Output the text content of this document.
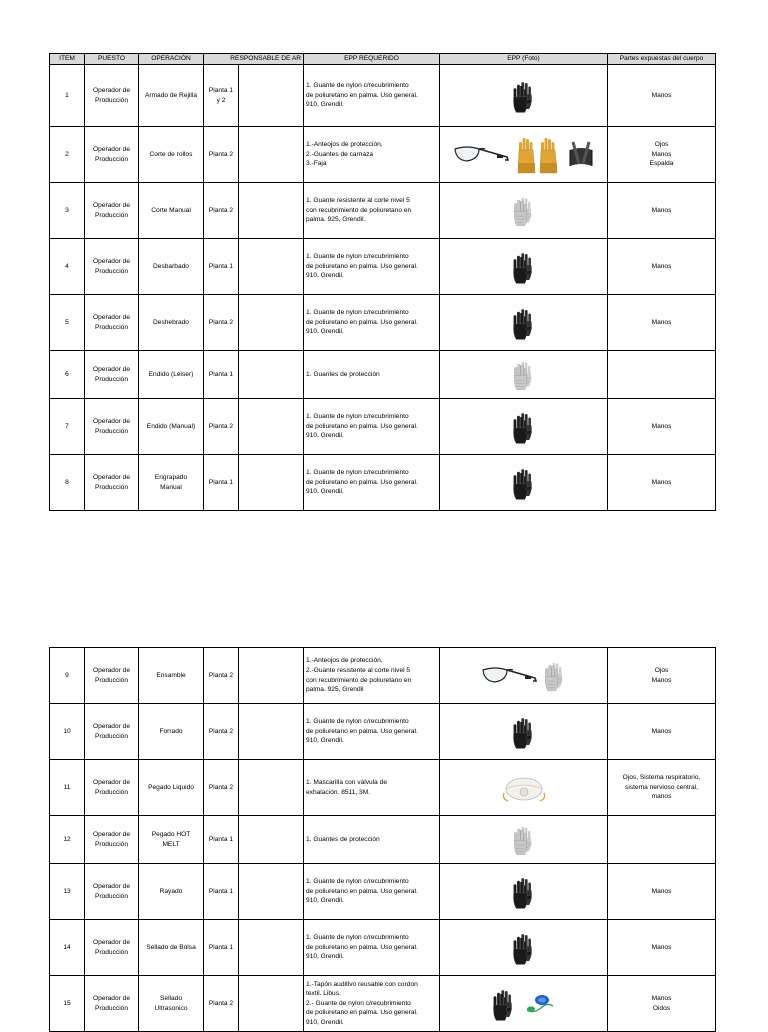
ITEM	PUESTO	OPERACIÓN	RESPONSABLE DE AR		EPP REQUERIDO	EPP (Foto)	Partes expuestas del cuerpo
1	Operador de
Producción	Armado de Rejilla	Planta 1
y 2		1. Guante de nylon c/recubrimiento
de poliuretano en palma. Uso general.
910, Grendil.		Manos
2	Operador de
Producción	Corte de rollos	Planta 2		1.-Anteojos de protección,
2.-Guantes de carnaza
3.-Faja		Ojos
Manos
Espalda
3	Operador de
Producción	Corte Manual	Planta 2		1. Guante resistente al corte nivel 5
con recubrimiento de poliuretano en
palma. 925, Grendil.		Manos
4	Operador de
Producción	Desbarbado	Planta 1		1. Guante de nylon c/recubrimiento
de poliuretano en palma. Uso general.
910, Grendil.		Manos
5	Operador de
Producción	Deshebrado	Planta 2		1. Guante de nylon c/recubrimiento
de poliuretano en palma. Uso general.
910, Grendil.		Manos
6	Operador de
Producción	Endido (Leiser)	Planta 1		1. Guantes de protección		
7	Operador de
Producción	Endido (Manual)	Planta 2		1. Guante de nylon c/recubrimiento
de poliuretano en palma. Uso general.
910, Grendil.		Manos
8	Operador de
Producción	Engrapado
Manual	Planta 1		1. Guante de nylon c/recubrimiento
de poliuretano en palma. Uso general.
910, Grendil.		Manos
9	Operador de
Producción	Ensamble	Planta 2		1.-Anteojos de protección,
2.-Guante resistente al corte nivel 5
con recubrimiento de poliuretano en
palma. 925, Grendil		Ojos
Manos
10	Operador de
Producción	Forrado	Planta 2		1. Guante de nylon c/recubrimiento
de poliuretano en palma. Uso general.
910, Grendil.		Manos
11	Operador de
Producción	Pegado Liquido	Planta 2		1. Mascarilla con válvula de
exhalación. 8511, 3M.		Ojos, Sistema respiratorio,
sistema nervioso central,
manos
12	Operador de
Producción	Pegado HOT
MELT	Planta 1		1. Guantes de protección		
13	Operador de
Producción	Rayado	Planta 1		1. Guante de nylon c/recubrimiento
de poliuretano en palma. Uso general.
910, Grendil.		Manos
14	Operador de
Producción	Sellado de Bolsa	Planta 1		1. Guante de nylon c/recubrimiento
de poliuretano en palma. Uso general.
910, Grendil.		Manos
15	Operador de
Producción	Sellado
Ultrasonico	Planta 2		1.-Tapón auditivo reusable con cordon
textil. Libus.
2.- Guante de nylon c/recubrimiento
de poliuretano en palma. Uso general.
910, Grendil.		Manos
Oidos
